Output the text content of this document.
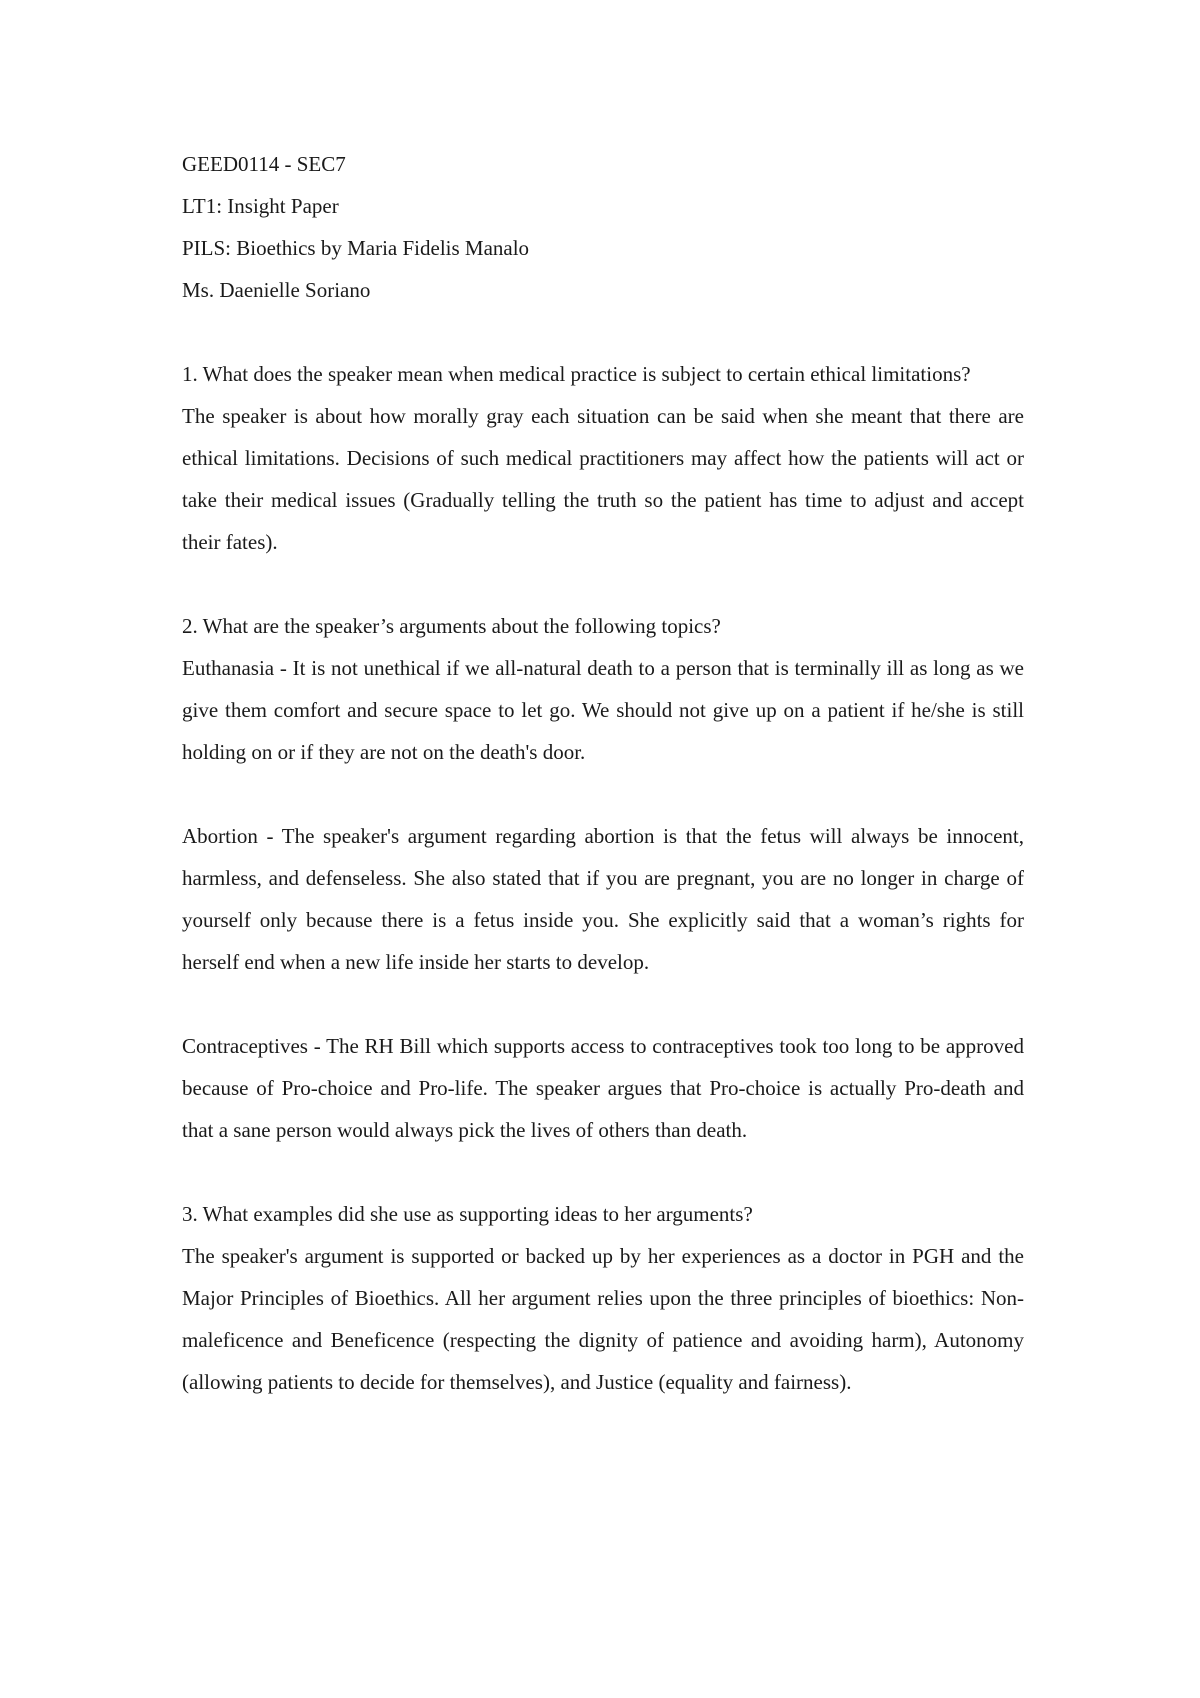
GEED0114 - SEC7

LT1: Insight Paper

PILS: Bioethics by Maria Fidelis Manalo

Ms. Daenielle Soriano

1. What does the speaker mean when medical practice is subject to certain ethical limitations?

The speaker is about how morally gray each situation can be said when she meant that there are ethical limitations. Decisions of such medical practitioners may affect how the patients will act or take their medical issues (Gradually telling the truth so the patient has time to adjust and accept their fates).

2. What are the speaker’s arguments about the following topics?

Euthanasia - It is not unethical if we all-natural death to a person that is terminally ill as long as we give them comfort and secure space to let go. We should not give up on a patient if he/she is still holding on or if they are not on the death's door.

Abortion - The speaker's argument regarding abortion is that the fetus will always be innocent, harmless, and defenseless. She also stated that if you are pregnant, you are no longer in charge of yourself only because there is a fetus inside you. She explicitly said that a woman’s rights for herself end when a new life inside her starts to develop.

Contraceptives - The RH Bill which supports access to contraceptives took too long to be approved because of Pro-choice and Pro-life. The speaker argues that Pro-choice is actually Pro-death and that a sane person would always pick the lives of others than death.

3. What examples did she use as supporting ideas to her arguments?

The speaker's argument is supported or backed up by her experiences as a doctor in PGH and the Major Principles of Bioethics. All her argument relies upon the three principles of bioethics: Non-maleficence and Beneficence (respecting the dignity of patience and avoiding harm), Autonomy (allowing patients to decide for themselves), and Justice (equality and fairness).
